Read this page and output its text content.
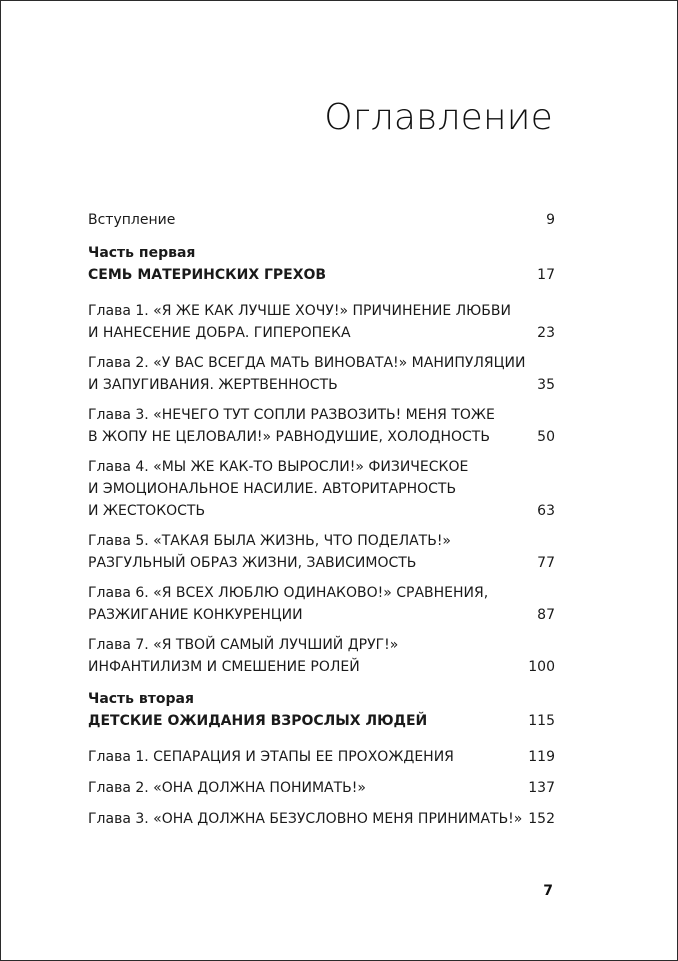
Оглавление
Вступление	9
Часть первая
СЕМЬ МАТЕРИНСКИХ ГРЕХОВ	17
Глава 1. «Я ЖЕ КАК ЛУЧШЕ ХОЧУ!» ПРИЧИНЕНИЕ ЛЮБВИ
И НАНЕСЕНИЕ ДОБРА. ГИПЕРОПЕКА	23
Глава 2. «У ВАС ВСЕГДА МАТЬ ВИНОВАТА!» МАНИПУЛЯЦИИ
И ЗАПУГИВАНИЯ. ЖЕРТВЕННОСТЬ	35
Глава 3. «НЕЧЕГО ТУТ СОПЛИ РАЗВОЗИТЬ! МЕНЯ ТОЖЕ
В ЖОПУ НЕ ЦЕЛОВАЛИ!» РАВНОДУШИЕ, ХОЛОДНОСТЬ	50
Глава 4. «МЫ ЖЕ КАК-ТО ВЫРОСЛИ!» ФИЗИЧЕСКОЕ
И ЭМОЦИОНАЛЬНОЕ НАСИЛИЕ. АВТОРИТАРНОСТЬ
И ЖЕСТОКОСТЬ	63
Глава 5. «ТАКАЯ БЫЛА ЖИЗНЬ, ЧТО ПОДЕЛАТЬ!»
РАЗГУЛЬНЫЙ ОБРАЗ ЖИЗНИ, ЗАВИСИМОСТЬ	77
Глава 6. «Я ВСЕХ ЛЮБЛЮ ОДИНАКОВО!» СРАВНЕНИЯ,
РАЗЖИГАНИЕ КОНКУРЕНЦИИ	87
Глава 7. «Я ТВОЙ САМЫЙ ЛУЧШИЙ ДРУГ!»
ИНФАНТИЛИЗМ И СМЕШЕНИЕ РОЛЕЙ	100
Часть вторая
ДЕТСКИЕ ОЖИДАНИЯ ВЗРОСЛЫХ ЛЮДЕЙ	115
Глава 1. СЕПАРАЦИЯ И ЭТАПЫ ЕЕ ПРОХОЖДЕНИЯ	119
Глава 2. «ОНА ДОЛЖНА ПОНИМАТЬ!»	137
Глава 3. «ОНА ДОЛЖНА БЕЗУСЛОВНО МЕНЯ ПРИНИМАТЬ!» 152
7
